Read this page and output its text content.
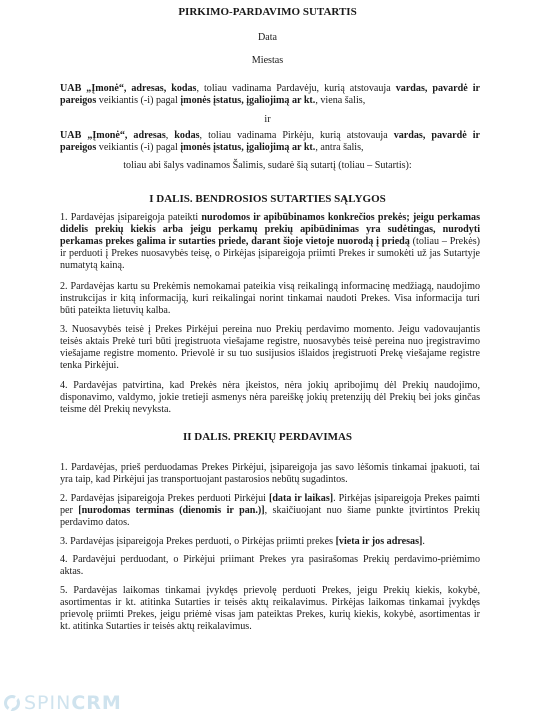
PIRKIMO-PARDAVIMO SUTARTIS

Data

Miestas

UAB „Įmonė“, adresas, kodas, toliau vadinama Pardavėju, kurią atstovauja vardas, pavardė ir pareigos veikiantis (-i) pagal įmonės įstatus, įgaliojimą ar kt., viena šalis,

ir

UAB „Įmonė“, adresas, kodas, toliau vadinama Pirkėju, kurią atstovauja vardas, pavardė ir pareigos veikiantis (-i) pagal įmonės įstatus, įgaliojimą ar kt., antra šalis,

toliau abi šalys vadinamos Šalimis, sudarė šią sutartį (toliau – Sutartis):

I DALIS. BENDROSIOS SUTARTIES SĄLYGOS

1. Pardavėjas įsipareigoja pateikti nurodomos ir apibūbinamos konkrečios prekės; jeigu perkamas didelis prekių kiekis arba jeigu perkamų prekių apibūdinimas yra sudėtingas, nurodyti perkamas prekes galima ir sutarties priede, darant šioje vietoje nuorodą į priedą (toliau – Prekės) ir perduoti į Prekes nuosavybės teisę, o Pirkėjas įsipareigoja priimti Prekes ir sumokėti už jas Sutartyje numatytą kainą.

2. Pardavėjas kartu su Prekėmis nemokamai pateikia visą reikalingą informacinę medžiagą, naudojimo instrukcijas ir kitą informaciją, kuri reikalingai norint tinkamai naudoti Prekes. Visa informacija turi būti pateikta lietuvių kalba.

3. Nuosavybės teisė į Prekes Pirkėjui pereina nuo Prekių perdavimo momento. Jeigu vadovaujantis teisės aktais Prekė turi būti įregistruota viešajame registre, nuosavybės teisė pereina nuo įregistravimo viešajame registre momento. Prievolė ir su tuo susijusios išlaidos įregistruoti Prekę viešajame registre tenka Pirkėjui.

4. Pardavėjas patvirtina, kad Prekės nėra įkeistos, nėra jokių apribojimų dėl Prekių naudojimo, disponavimo, valdymo, jokie tretieji asmenys nėra pareiškę jokių pretenzijų dėl Prekių bei joks ginčas teisme dėl Prekių nevyksta.

II DALIS. PREKIŲ PERDAVIMAS

1. Pardavėjas, prieš perduodamas Prekes Pirkėjui, įsipareigoja jas savo lėšomis tinkamai įpakuoti, tai yra taip, kad Pirkėjui jas transportuojant pastarosios nebūtų sugadintos.

2. Pardavėjas įsipareigoja Prekes perduoti Pirkėjui [data ir laikas]. Pirkėjas įsipareigoja Prekes paimti per [nurodomas terminas (dienomis ir pan.)], skaičiuojant nuo šiame punkte įtvirtintos Prekių perdavimo datos.

3. Pardavėjas įsipareigoja Prekes perduoti, o Pirkėjas priimti prekes [vieta ir jos adresas].

4. Pardavėjui perduodant, o Pirkėjui priimant Prekes yra pasirašomas Prekių perdavimo-priėmimo aktas.

5. Pardavėjas laikomas tinkamai įvykdęs prievolę perduoti Prekes, jeigu Prekių kiekis, kokybė, asortimentas ir kt. atitinka Sutarties ir teisės aktų reikalavimus. Pirkėjas laikomas tinkamai įvykdęs prievolę priimti Prekes, jeigu priėmė visas jam pateiktas Prekes, kurių kiekis, kokybė, asortimentas ir kt. atitinka Sutarties ir teisės aktų reikalavimus.

SPIN CRM
